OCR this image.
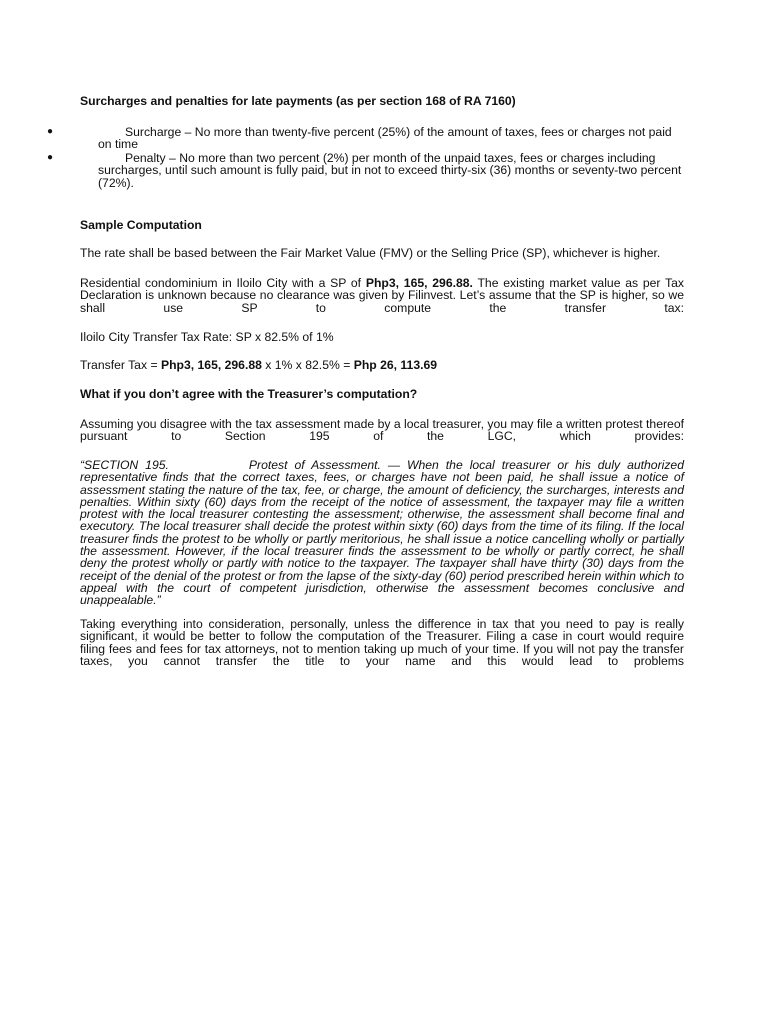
Surcharges and penalties for late payments (as per section 168 of RA 7160)
●	Surcharge – No more than twenty-five percent (25%) of the amount of taxes, fees or charges not paid on time
●	Penalty – No more than two percent (2%) per month of the unpaid taxes, fees or charges including surcharges, until such amount is fully paid, but in not to exceed thirty-six (36) months or seventy-two percent (72%).
Sample Computation
The rate shall be based between the Fair Market Value (FMV) or the Selling Price (SP), whichever is higher.
Residential condominium in Iloilo City with a SP of Php3, 165, 296.88. The existing market value as per Tax Declaration is unknown because no clearance was given by Filinvest. Let’s assume that the SP is higher, so we shall use SP to compute the transfer tax:
Iloilo City Transfer Tax Rate: SP x 82.5% of 1%
Transfer Tax = Php3, 165, 296.88 x 1% x 82.5% = Php 26, 113.69
What if you don’t agree with the Treasurer’s computation?
Assuming you disagree with the tax assessment made by a local treasurer, you may file a written protest thereof pursuant to Section 195 of the LGC, which provides:
“SECTION 195.	Protest of Assessment. — When the local treasurer or his duly authorized representative finds that the correct taxes, fees, or charges have not been paid, he shall issue a notice of assessment stating the nature of the tax, fee, or charge, the amount of deficiency, the surcharges, interests and penalties. Within sixty (60) days from the receipt of the notice of assessment, the taxpayer may file a written protest with the local treasurer contesting the assessment; otherwise, the assessment shall become final and executory. The local treasurer shall decide the protest within sixty (60) days from the time of its filing. If the local treasurer finds the protest to be wholly or partly meritorious, he shall issue a notice cancelling wholly or partially the assessment. However, if the local treasurer finds the assessment to be wholly or partly correct, he shall deny the protest wholly or partly with notice to the taxpayer. The taxpayer shall have thirty (30) days from the receipt of the denial of the protest or from the lapse of the sixty-day (60) period prescribed herein within which to appeal with the court of competent jurisdiction, otherwise the assessment becomes conclusive and unappealable.”
Taking everything into consideration, personally, unless the difference in tax that you need to pay is really significant, it would be better to follow the computation of the Treasurer. Filing a case in court would require filing fees and fees for tax attorneys, not to mention taking up much of your time. If you will not pay the transfer taxes, you cannot transfer the title to your name and this would lead to problems
